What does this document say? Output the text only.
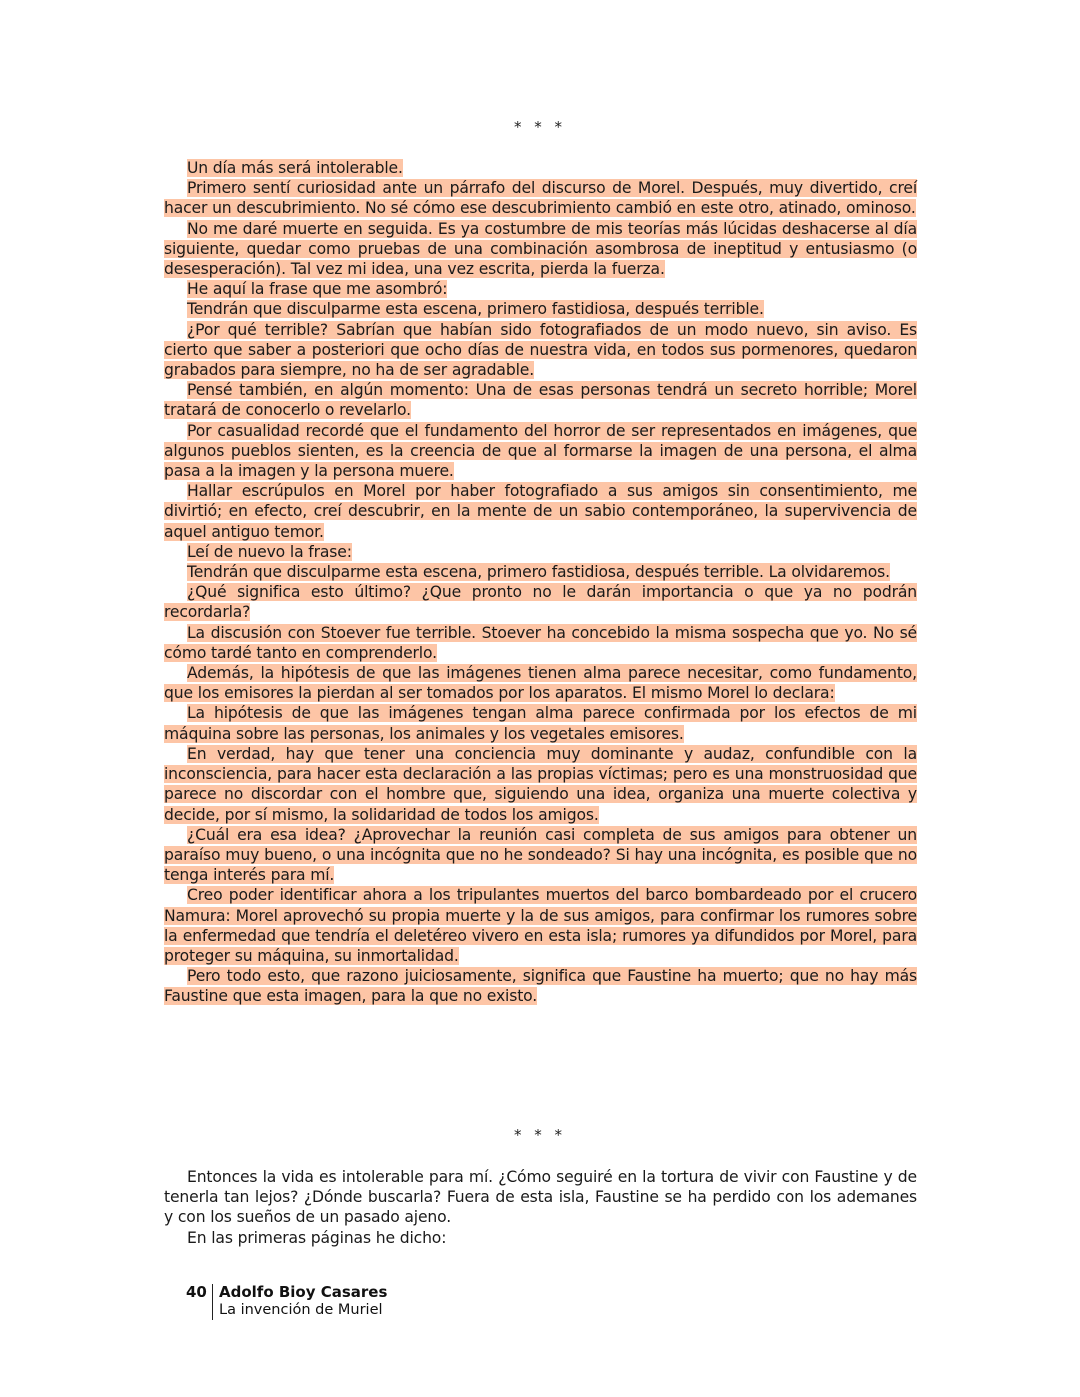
* * *

Un día más será intolerable.

Primero sentí curiosidad ante un párrafo del discurso de Morel. Después, muy divertido, creí hacer un descubrimiento. No sé cómo ese descubrimiento cambió en este otro, atinado, ominoso.

No me daré muerte en seguida. Es ya costumbre de mis teorías más lúcidas deshacerse al día siguiente, quedar como pruebas de una combinación asombrosa de ineptitud y entusiasmo (o desesperación). Tal vez mi idea, una vez escrita, pierda la fuerza.

He aquí la frase que me asombró:

Tendrán que disculparme esta escena, primero fastidiosa, después terrible.

¿Por qué terrible? Sabrían que habían sido fotografiados de un modo nuevo, sin aviso. Es cierto que saber a posteriori que ocho días de nuestra vida, en todos sus pormenores, quedaron grabados para siempre, no ha de ser agradable.

Pensé también, en algún momento: Una de esas personas tendrá un secreto horrible; Morel tratará de conocerlo o revelarlo.

Por casualidad recordé que el fundamento del horror de ser representados en imágenes, que algunos pueblos sienten, es la creencia de que al formarse la imagen de una persona, el alma pasa a la imagen y la persona muere.

Hallar escrúpulos en Morel por haber fotografiado a sus amigos sin consentimiento, me divirtió; en efecto, creí descubrir, en la mente de un sabio contemporáneo, la supervivencia de aquel antiguo temor.

Leí de nuevo la frase:

Tendrán que disculparme esta escena, primero fastidiosa, después terrible. La olvidaremos.

¿Qué significa esto último? ¿Que pronto no le darán importancia o que ya no podrán recordarla?

La discusión con Stoever fue terrible. Stoever ha concebido la misma sospecha que yo. No sé cómo tardé tanto en comprenderlo.

Además, la hipótesis de que las imágenes tienen alma parece necesitar, como fundamento, que los emisores la pierdan al ser tomados por los aparatos. El mismo Morel lo declara:

La hipótesis de que las imágenes tengan alma parece confirmada por los efectos de mi máquina sobre las personas, los animales y los vegetales emisores.

En verdad, hay que tener una conciencia muy dominante y audaz, confundible con la inconsciencia, para hacer esta declaración a las propias víctimas; pero es una monstruosidad que parece no discordar con el hombre que, siguiendo una idea, organiza una muerte colectiva y decide, por sí mismo, la solidaridad de todos los amigos.

¿Cuál era esa idea? ¿Aprovechar la reunión casi completa de sus amigos para obtener un paraíso muy bueno, o una incógnita que no he sondeado? Si hay una incógnita, es posible que no tenga interés para mí.

Creo poder identificar ahora a los tripulantes muertos del barco bombardeado por el crucero Namura: Morel aprovechó su propia muerte y la de sus amigos, para confirmar los rumores sobre la enfermedad que tendría el deletéreo vivero en esta isla; rumores ya difundidos por Morel, para proteger su máquina, su inmortalidad.

Pero todo esto, que razono juiciosamente, significa que Faustine ha muerto; que no hay más Faustine que esta imagen, para la que no existo.

* * *

Entonces la vida es intolerable para mí. ¿Cómo seguiré en la tortura de vivir con Faustine y de tenerla tan lejos? ¿Dónde buscarla? Fuera de esta isla, Faustine se ha perdido con los ademanes y con los sueños de un pasado ajeno.

En las primeras páginas he dicho:

40 Adolfo Bioy Casares
La invención de Muriel
